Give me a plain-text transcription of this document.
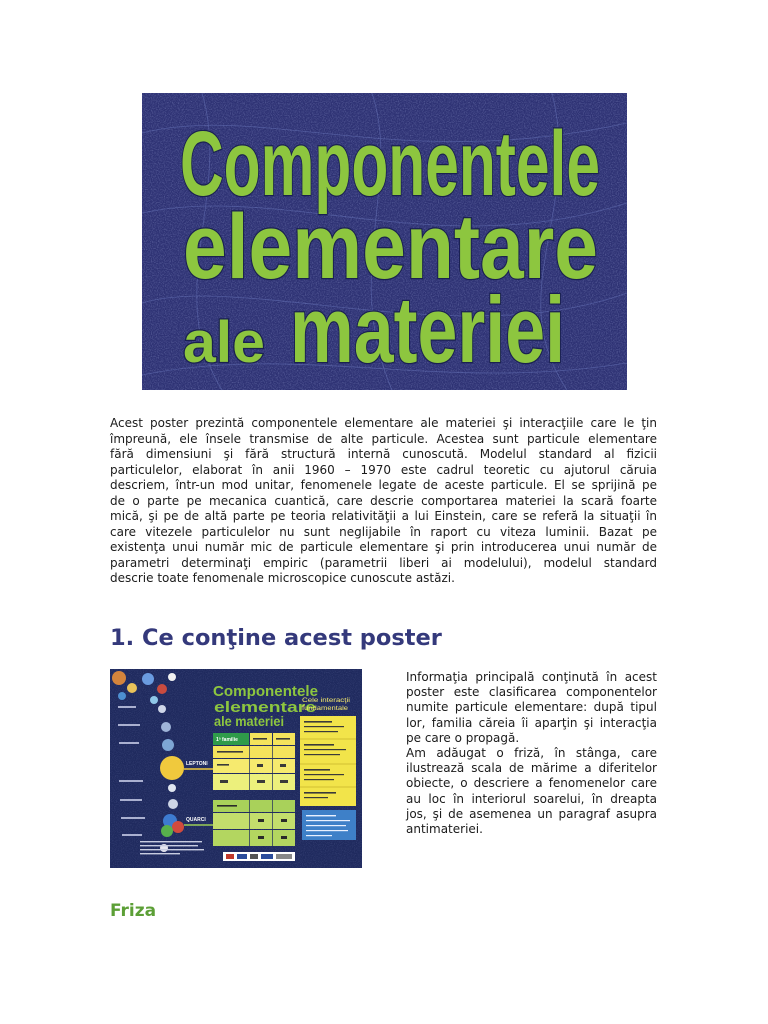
Componentele
elementare
ale materiei
Acest poster prezintă componentele elementare ale materiei şi interacţiile care le ţin
împreună, ele însele transmise de alte particule. Acestea sunt particule elementare
fără dimensiuni şi fără structură internă cunoscută. Modelul standard al fizicii
particulelor, elaborat în anii 1960 – 1970 este cadrul teoretic cu ajutorul căruia
descriem, într-un mod unitar, fenomenele legate de aceste particule. El se sprijină pe
de o parte pe mecanica cuantică, care descrie comportarea materiei la scară foarte
mică, şi pe de altă parte pe teoria relativităţii a lui Einstein, care se referă la situaţii în
care vitezele particulelor nu sunt neglijabile în raport cu viteza luminii. Bazat pe
existenţa unui număr mic de particule elementare şi prin introducerea unui număr de
parametri determinaţi empiric (parametrii liberi ai modelului), modelul standard
descrie toate fenomenale microscopice cunoscute astăzi.
1. Ce conţine acest poster
LEPTONI
QUARCI
Componentele
elementare
ale materiei
Cele interacţii
fundamentale
1ª familie
Informaţia principală conţinută în acest
poster este clasificarea componentelor
numite particule elementare: după tipul
lor, familia căreia îi aparţin şi interacţia
pe care o propagă.
Am adăugat o friză, în stânga, care
ilustrează scala de mărime a diferitelor
obiecte, o descriere a fenomenelor care
au loc în interiorul soarelui, în dreapta
jos, şi de asemenea un paragraf asupra
antimateriei.
Friza
